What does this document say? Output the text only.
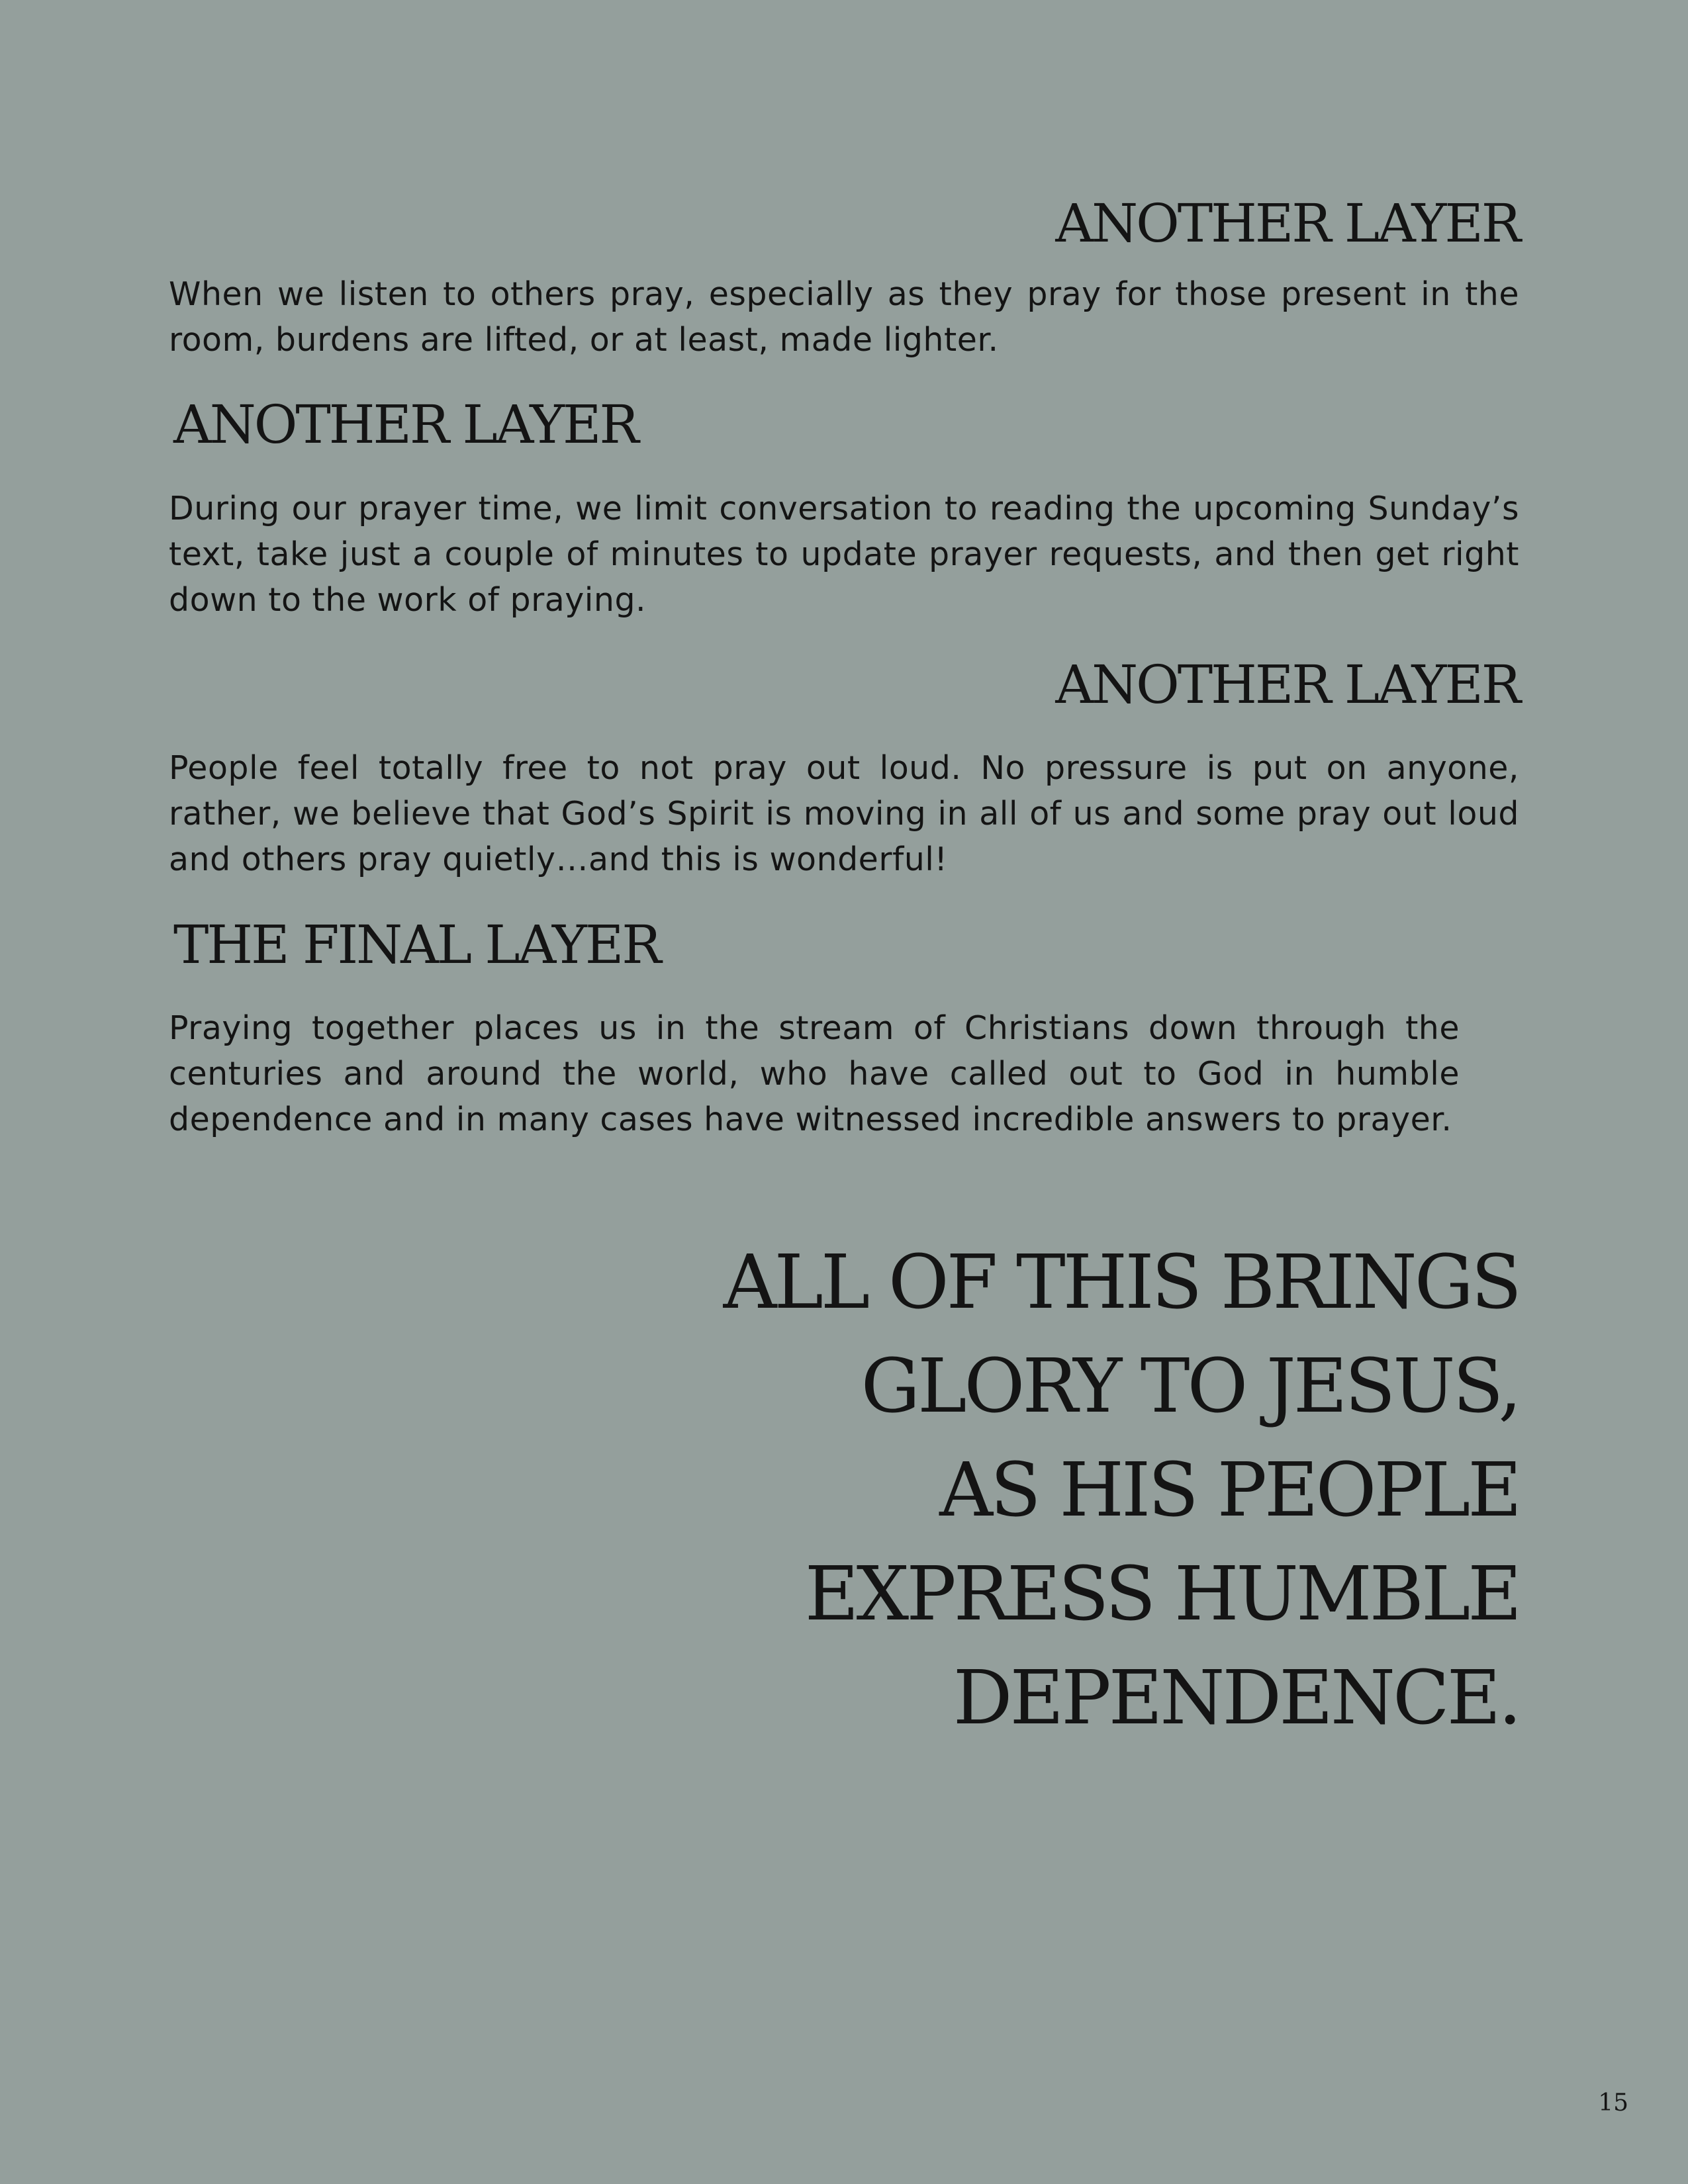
ANOTHER LAYER

When we listen to others pray, especially as they pray for those present in the room, burdens are lifted, or at least, made lighter.

ANOTHER LAYER

During our prayer time, we limit conversation to reading the upcoming Sunday’s text, take just a couple of minutes to update prayer requests, and then get right down to the work of praying.

ANOTHER LAYER

People feel totally free to not pray out loud. No pressure is put on anyone, rather, we believe that God’s Spirit is moving in all of us and some pray out loud and others pray quietly…and this is wonderful!

THE FINAL LAYER

Praying together places us in the stream of Christians down through the centuries and around the world, who have called out to God in humble dependence and in many cases have witnessed incredible answers to prayer.

ALL OF THIS BRINGS
GLORY TO JESUS,
AS HIS PEOPLE
EXPRESS HUMBLE
DEPENDENCE.
15
